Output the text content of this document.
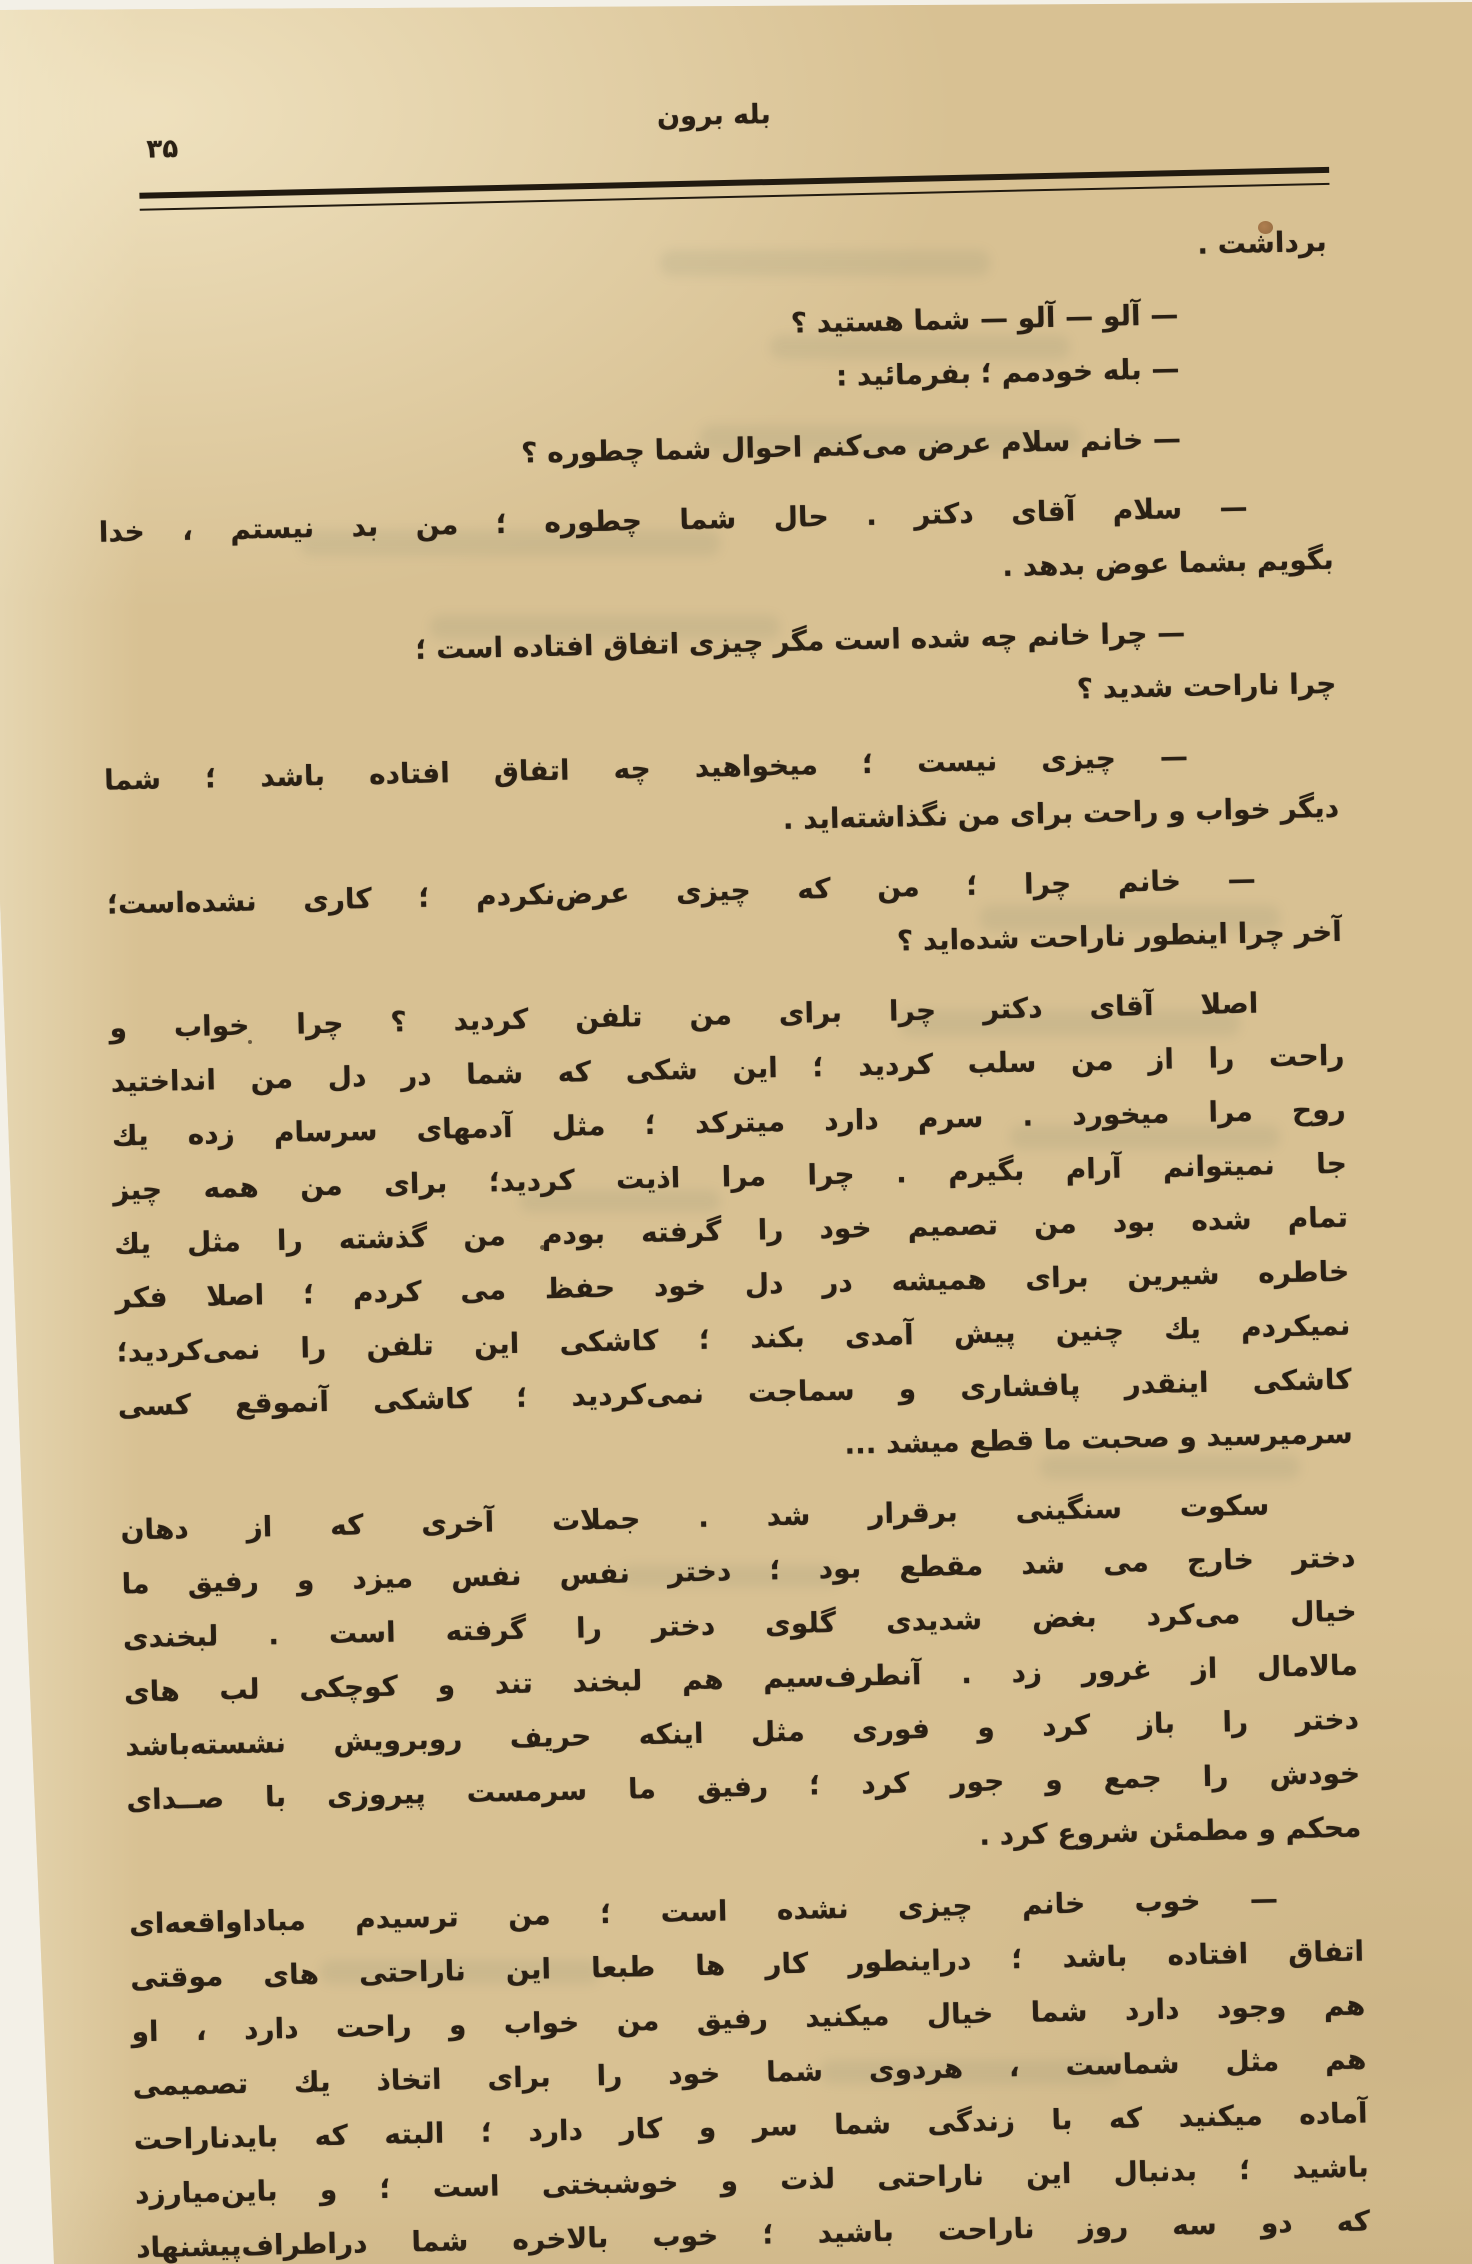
بله برون
۳۵
برداشت .
— آلو — آلو — شما هستید ؟
— بله خودمم ؛ بفرمائید :
— خانم سلام عرض می‌کنم احوال شما چطوره ؟
— سلام آقای دکتر . حال شما چطوره ؛ من بد نیستم ، خدا
بگویم بشما عوض بدهد .
— چرا خانم چه شده است مگر چیزی اتفاق افتاده است ؛
چرا ناراحت شدید ؟
— چیزی نیست ؛ میخواهید چه اتفاق افتاده باشد ؛ شما
دیگر خواب و راحت برای من نگذاشته‌اید .
— خانم چرا ؛ من که چیزی عرض‌نکردم ؛ کاری نشده‌است؛
آخر چرا اینطور ناراحت شده‌اید ؟
اصلا آقای دکتر چرا برای من تلفن کردید ؟ چرا خواب و
راحت را از من سلب کردید ؛ این شکی که شما در دل من انداختید
روح مرا میخورد . سرم دارد میترکد ؛ مثل آدمهای سرسام زده یك
جا نمیتوانم آرام بگیرم . چرا مرا اذیت کردید؛ برای من همه چیز
تمام شده بود من تصمیم خود را گرفته بودم من گذشته را مثل یك
خاطره شیرین برای همیشه در دل خود حفظ می کردم ؛ اصلا فکر
نمیکردم یك چنین پیش آمدی بکند ؛ کاشکی این تلفن را نمی‌کردید؛
کاشکی اینقدر پافشاری و سماجت نمی‌کردید ؛ کاشکی آنموقع کسی
سرمیرسید و صحبت ما قطع میشد ...
سکوت سنگینی برقرار شد . جملات آخری که از دهان
دختر خارج می شد مقطع بود ؛ دختر نفس نفس میزد و رفیق ما
خیال می‌کرد بغض شدیدی گلوی دختر را گرفته است . لبخندی
مالامال از غرور زد . آنطرف‌سیم هم لبخند تند و کوچکی لب های
دختر را باز کرد و فوری مثل اینکه حریف روبرویش نشسته‌باشد
خودش را جمع و جور کرد ؛ رفیق ما سرمست پیروزی با صــدای
محکم و مطمئن شروع کرد .
— خوب خانم چیزی نشده است ؛ من ترسیدم مباداواقعه‌ای
اتفاق افتاده باشد ؛ دراینطور کار ها طبعا این ناراحتی های موقتی
هم وجود دارد شما خیال میکنید رفیق من خواب و راحت دارد ، او
هم مثل شماست ، هردوی شما خود را برای اتخاذ یك تصمیمی
آماده میکنید که با زندگی شما سر و کار دارد ؛ البته که بایدناراحت
باشید ؛ بدنبال این ناراحتی لذت و خوشبختی است ؛ و باین‌میارزد
که دو سه روز ناراحت باشید ؛ خوب بالاخره شما دراطراف‌پیشنهاد
